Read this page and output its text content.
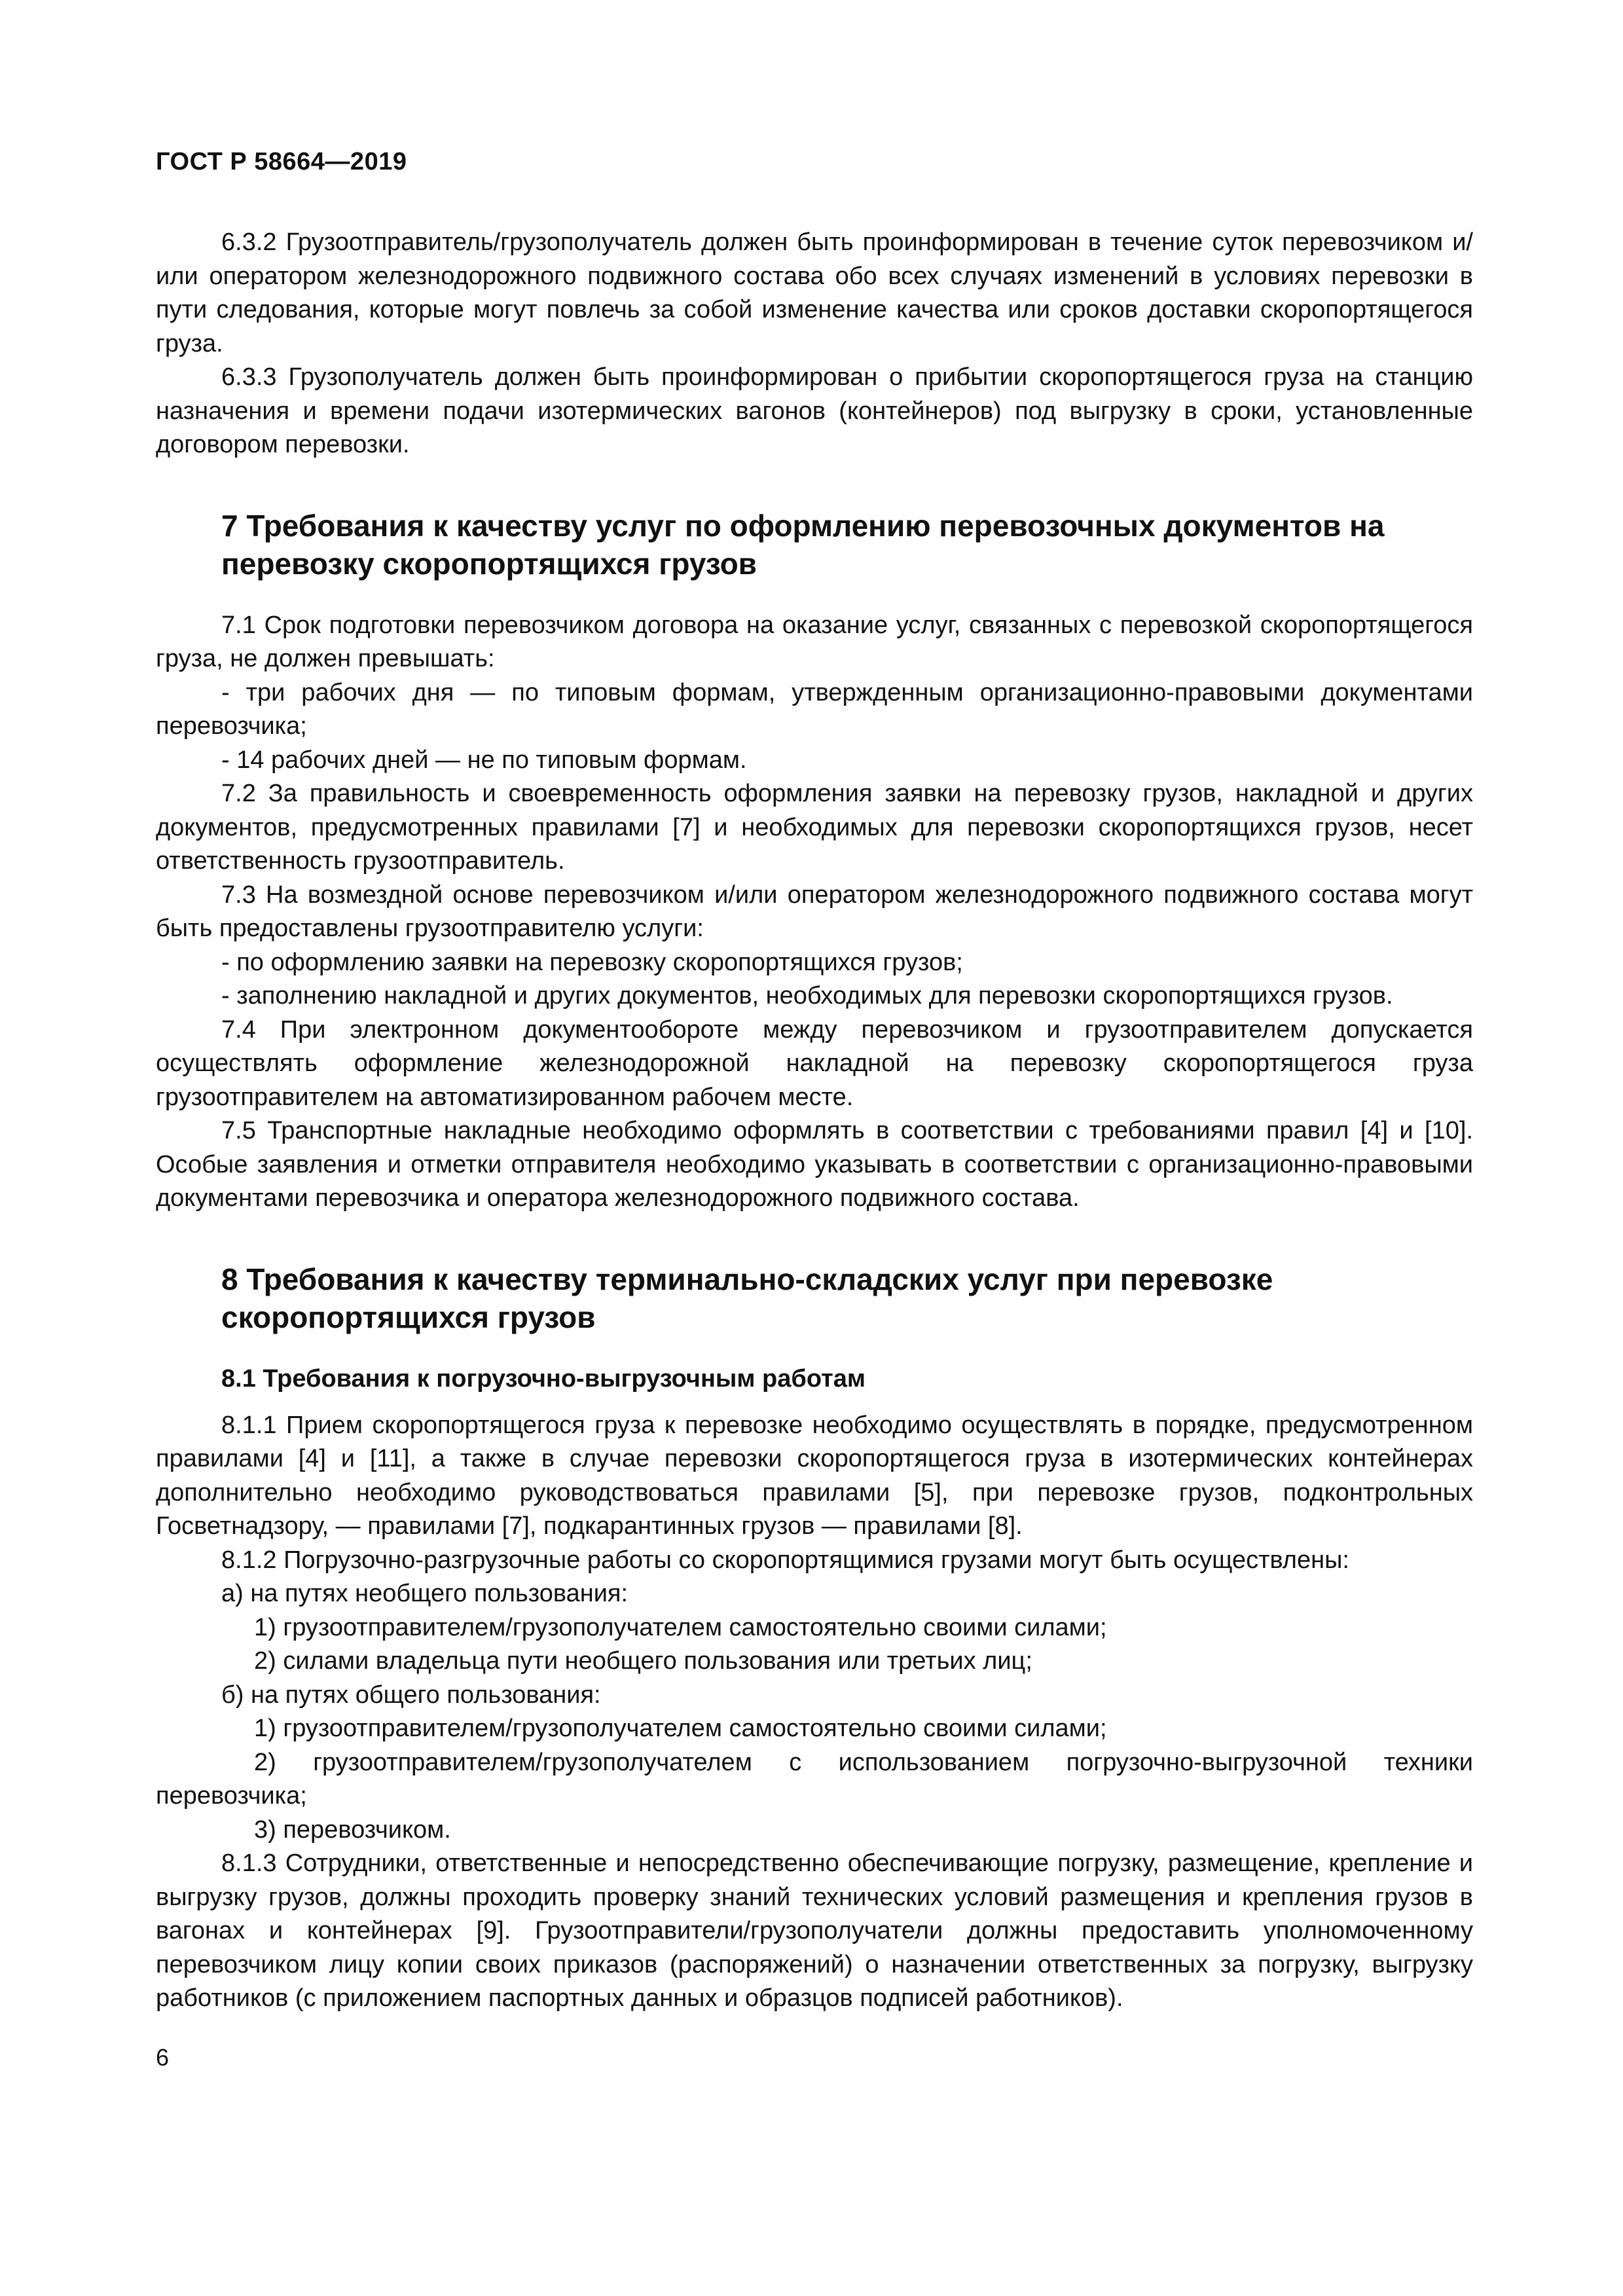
ГОСТ Р 58664—2019

6.3.2 Грузоотправитель/грузополучатель должен быть проинформирован в течение суток перевозчиком и/или оператором железнодорожного подвижного состава обо всех случаях изменений в условиях перевозки в пути следования, которые могут повлечь за собой изменение качества или сроков доставки скоропортящегося груза.

6.3.3 Грузополучатель должен быть проинформирован о прибытии скоропортящегося груза на станцию назначения и времени подачи изотермических вагонов (контейнеров) под выгрузку в сроки, установленные договором перевозки.

7 Требования к качеству услуг по оформлению перевозочных документов на перевозку скоропортящихся грузов

7.1 Срок подготовки перевозчиком договора на оказание услуг, связанных с перевозкой скоропортящегося груза, не должен превышать:

- три рабочих дня — по типовым формам, утвержденным организационно-правовыми документами перевозчика;

- 14 рабочих дней — не по типовым формам.

7.2 За правильность и своевременность оформления заявки на перевозку грузов, накладной и других документов, предусмотренных правилами [7] и необходимых для перевозки скоропортящихся грузов, несет ответственность грузоотправитель.

7.3 На возмездной основе перевозчиком и/или оператором железнодорожного подвижного состава могут быть предоставлены грузоотправителю услуги:

- по оформлению заявки на перевозку скоропортящихся грузов;

- заполнению накладной и других документов, необходимых для перевозки скоропортящихся грузов.

7.4 При электронном документообороте между перевозчиком и грузоотправителем допускается осуществлять оформление железнодорожной накладной на перевозку скоропортящегося груза грузоотправителем на автоматизированном рабочем месте.

7.5 Транспортные накладные необходимо оформлять в соответствии с требованиями правил [4] и [10]. Особые заявления и отметки отправителя необходимо указывать в соответствии с организационно-правовыми документами перевозчика и оператора железнодорожного подвижного состава.

8 Требования к качеству терминально-складских услуг при перевозке скоропортящихся грузов
8.1 Требования к погрузочно-выгрузочным работам

8.1.1 Прием скоропортящегося груза к перевозке необходимо осуществлять в порядке, предусмотренном правилами [4] и [11], а также в случае перевозки скоропортящегося груза в изотермических контейнерах дополнительно необходимо руководствоваться правилами [5], при перевозке грузов, подконтрольных Госветнадзору, — правилами [7], подкарантинных грузов — правилами [8].

8.1.2 Погрузочно-разгрузочные работы со скоропортящимися грузами могут быть осуществлены:

а) на путях необщего пользования:

1) грузоотправителем/грузополучателем самостоятельно своими силами;

2) силами владельца пути необщего пользования или третьих лиц;

б) на путях общего пользования:

1) грузоотправителем/грузополучателем самостоятельно своими силами;

2) грузоотправителем/грузополучателем с использованием погрузочно-выгрузочной техники перевозчика;

3) перевозчиком.

8.1.3 Сотрудники, ответственные и непосредственно обеспечивающие погрузку, размещение, крепление и выгрузку грузов, должны проходить проверку знаний технических условий размещения и крепления грузов в вагонах и контейнерах [9]. Грузоотправители/грузополучатели должны предоставить уполномоченному перевозчиком лицу копии своих приказов (распоряжений) о назначении ответственных за погрузку, выгрузку работников (с приложением паспортных данных и образцов подписей работников).

6
